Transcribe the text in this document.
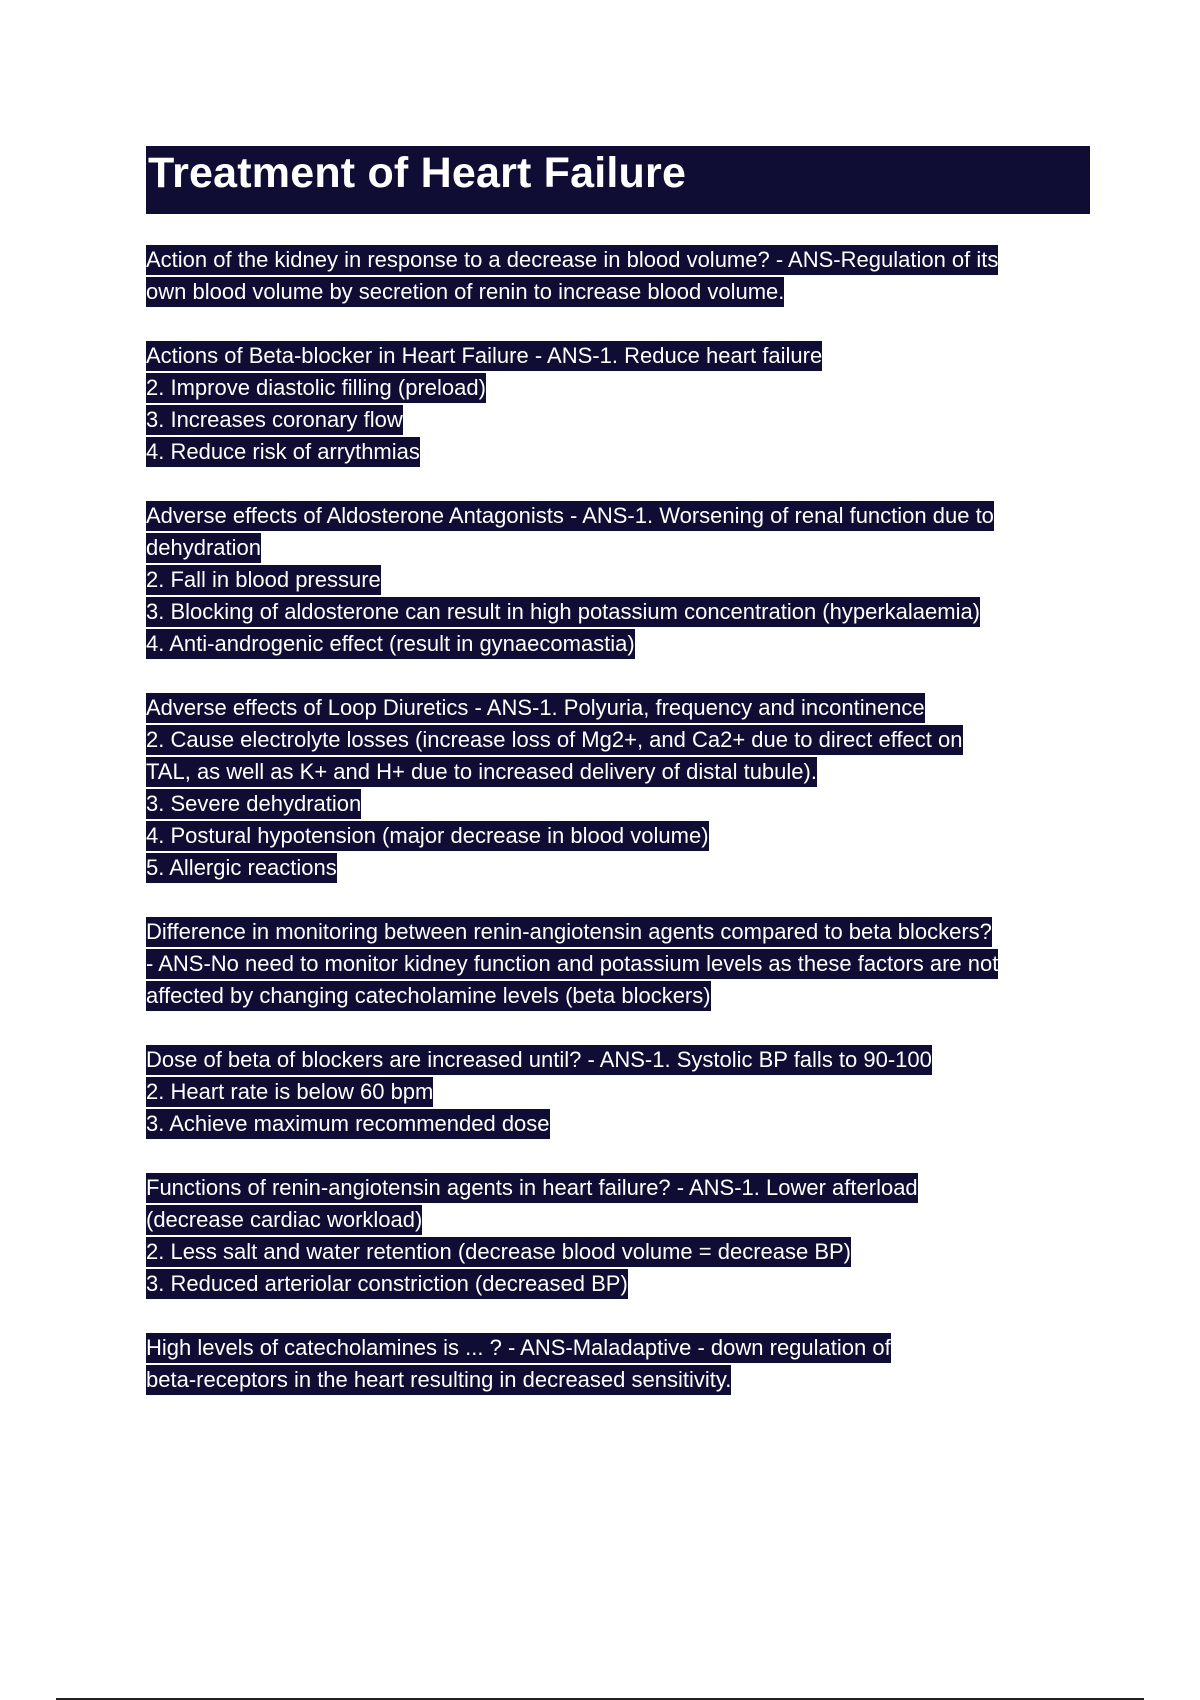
Treatment of Heart Failure
Action of the kidney in response to a decrease in blood volume? - ANS-Regulation of its
own blood volume by secretion of renin to increase blood volume.
Actions of Beta-blocker in Heart Failure - ANS-1. Reduce heart failure
2. Improve diastolic filling (preload)
3. Increases coronary flow
4. Reduce risk of arrythmias
Adverse effects of Aldosterone Antagonists - ANS-1. Worsening of renal function due to
dehydration
2. Fall in blood pressure
3. Blocking of aldosterone can result in high potassium concentration (hyperkalaemia)
4. Anti-androgenic effect (result in gynaecomastia)
Adverse effects of Loop Diuretics - ANS-1. Polyuria, frequency and incontinence
2. Cause electrolyte losses (increase loss of Mg2+, and Ca2+ due to direct effect on
TAL, as well as K+ and H+ due to increased delivery of distal tubule).
3. Severe dehydration
4. Postural hypotension (major decrease in blood volume)
5. Allergic reactions
Difference in monitoring between renin-angiotensin agents compared to beta blockers?
- ANS-No need to monitor kidney function and potassium levels as these factors are not
affected by changing catecholamine levels (beta blockers)
Dose of beta of blockers are increased until? - ANS-1. Systolic BP falls to 90-100
2. Heart rate is below 60 bpm
3. Achieve maximum recommended dose
Functions of renin-angiotensin agents in heart failure? - ANS-1. Lower afterload
(decrease cardiac workload)
2. Less salt and water retention (decrease blood volume = decrease BP)
3. Reduced arteriolar constriction (decreased BP)
High levels of catecholamines is ... ? - ANS-Maladaptive - down regulation of
beta-receptors in the heart resulting in decreased sensitivity.
